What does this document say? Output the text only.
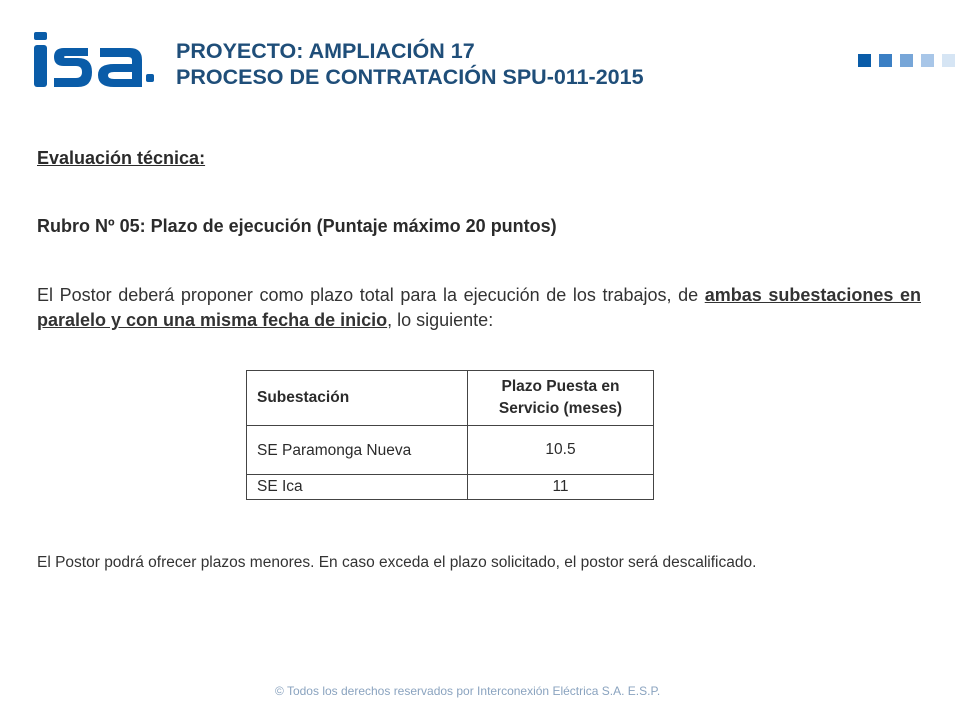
PROYECTO: AMPLIACIÓN 17
PROCESO DE CONTRATACIÓN SPU-011-2015
Evaluación técnica:
Rubro Nº 05: Plazo de ejecución (Puntaje máximo 20 puntos)
El Postor deberá proponer como plazo total para la ejecución de los trabajos, de ambas subestaciones en paralelo y con una misma fecha de inicio, lo siguiente:
Subestación	Plazo Puesta en Servicio (meses)
SE Paramonga Nueva	10.5
SE Ica	11
El Postor podrá ofrecer plazos menores. En caso exceda el plazo solicitado, el postor será descalificado.
© Todos los derechos reservados por Interconexión Eléctrica S.A. E.S.P.
